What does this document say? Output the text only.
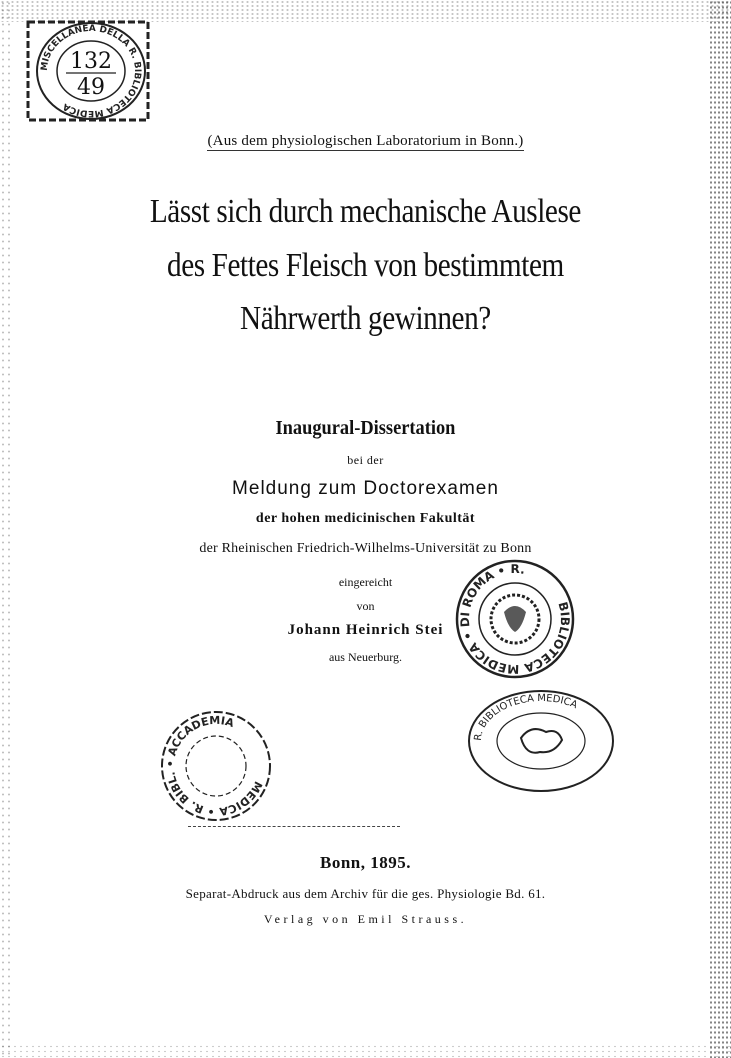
MISCELLANEA DELLA R. BIBLIOTECA MEDICA
132
49
(Aus dem physiologischen Laboratorium in Bonn.)
Lässt sich durch mechanische Auslese
des Fettes Fleisch von bestimmtem
Nährwerth gewinnen?
Inaugural-Dissertation
bei der
Meldung zum Doctorexamen
der hohen medicinischen Fakultät
der Rheinischen Friedrich-Wilhelms-Universität zu Bonn
eingereicht
von
Johann Heinrich Stei
aus Neuerburg.
BIBLIOTECA MEDICA • DI ROMA • R.
MEDICA • R. BIBL. • ACCADEMIA
R. BIBLIOTECA MEDICA
Bonn, 1895.
Separat-Abdruck aus dem Archiv für die ges. Physiologie Bd. 61.
Verlag von Emil Strauss.
